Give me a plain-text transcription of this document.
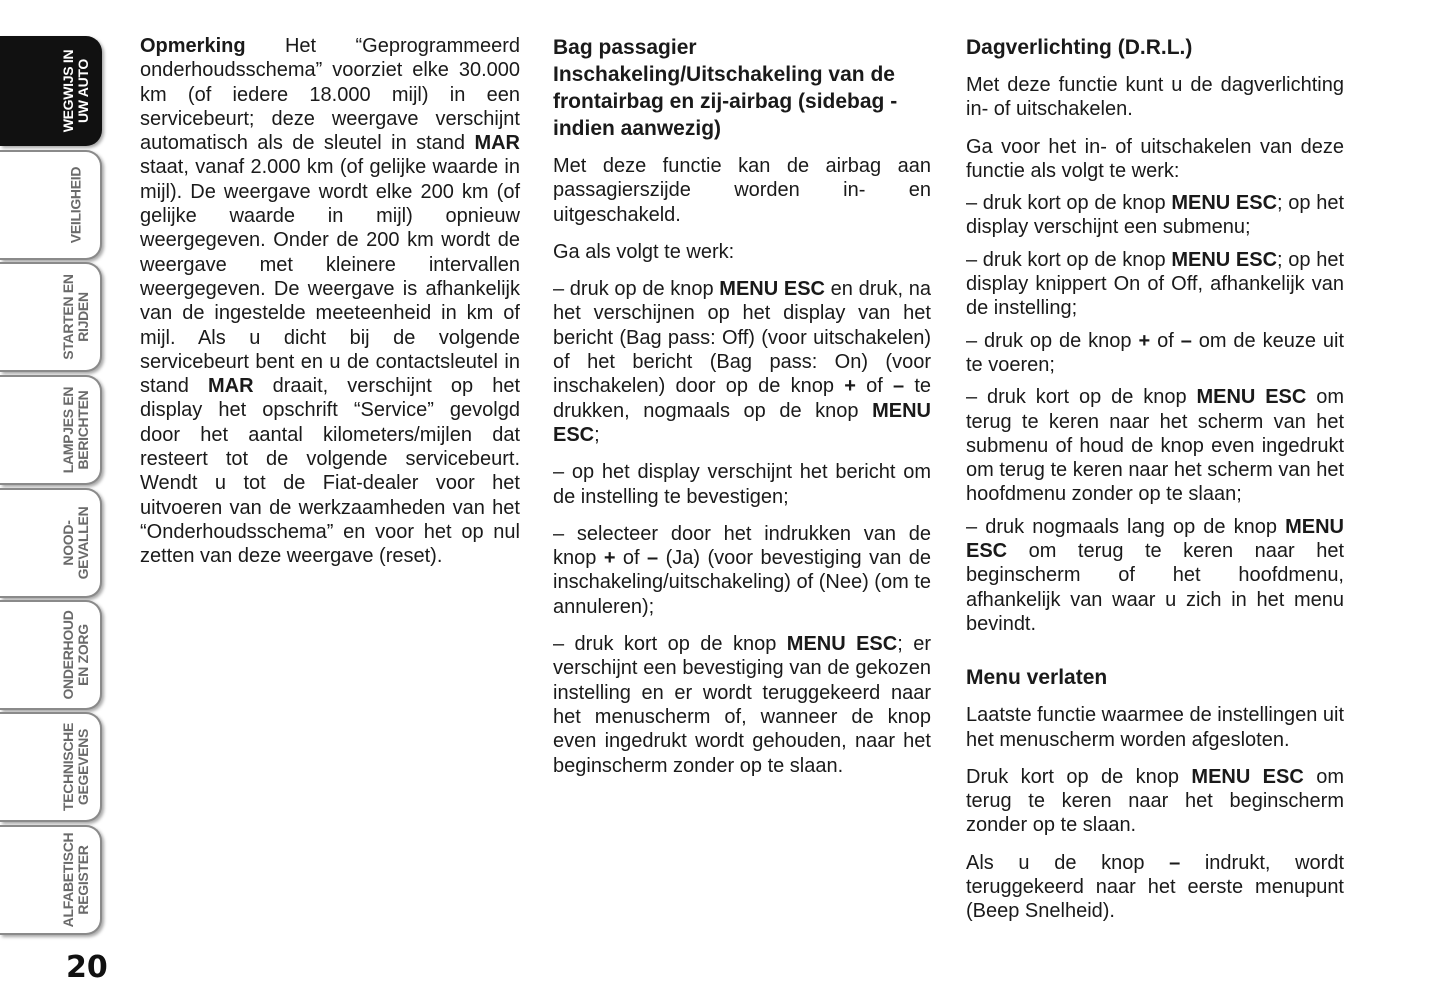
WEGWIJS IN UW AUTO
VEILIGHEID
STARTEN EN RIJDEN
LAMPJES EN BERICHTEN
NOOD- GEVALLEN
ONDERHOUD EN ZORG
TECHNISCHE GEGEVENS
ALFABETISCH REGISTER
20

Opmerking Het “Geprogrammeerd onderhoudsschema” voorziet elke 30.000 km (of iedere 18.000 mijl) in een servicebeurt; deze weergave verschijnt automatisch als de sleutel in stand MAR staat, vanaf 2.000 km (of gelijke waarde in mijl). De weergave wordt elke 200 km (of gelijke waarde in mijl) opnieuw weergegeven. Onder de 200 km wordt de weergave met kleinere intervallen weergegeven. De weergave is afhankelijk van de ingestelde meeteenheid in km of mijl. Als u dicht bij de volgende servicebeurt bent en u de contactsleutel in stand MAR draait, verschijnt op het display het opschrift “Service” gevolgd door het aantal kilometers/mijlen dat resteert tot de volgende servicebeurt. Wendt u tot de Fiat-dealer voor het uitvoeren van de werkzaamheden van het “Onderhoudsschema” en voor het op nul zetten van deze weergave (reset).

Bag passagier
Inschakeling/Uitschakeling van de frontairbag en zij-airbag (sidebag - indien aanwezig)

Met deze functie kan de airbag aan passagierszijde worden in- en uitgeschakeld.

Ga als volgt te werk:

– druk op de knop MENU ESC en druk, na het verschijnen op het display van het bericht (Bag pass: Off) (voor uitschakelen) of het bericht (Bag pass: On) (voor inschakelen) door op de knop + of – te drukken, nogmaals op de knop MENU ESC;

– op het display verschijnt het bericht om de instelling te bevestigen;

– selecteer door het indrukken van de knop + of – (Ja) (voor bevestiging van de inschakeling/uitschakeling) of (Nee) (om te annuleren);

– druk kort op de knop MENU ESC; er verschijnt een bevestiging van de gekozen instelling en er wordt teruggekeerd naar het menuscherm of, wanneer de knop even ingedrukt wordt gehouden, naar het beginscherm zonder op te slaan.

Dagverlichting (D.R.L.)

Met deze functie kunt u de dagverlichting in- of uitschakelen.

Ga voor het in- of uitschakelen van deze functie als volgt te werk:

– druk kort op de knop MENU ESC; op het display verschijnt een submenu;

– druk kort op de knop MENU ESC; op het display knippert On of Off, afhankelijk van de instelling;

– druk op de knop + of – om de keuze uit te voeren;

– druk kort op de knop MENU ESC om terug te keren naar het scherm van het submenu of houd de knop even ingedrukt om terug te keren naar het scherm van het hoofdmenu zonder op te slaan;

– druk nogmaals lang op de knop MENU ESC om terug te keren naar het beginscherm of het hoofdmenu, afhankelijk van waar u zich in het menu bevindt.

Menu verlaten

Laatste functie waarmee de instellingen uit het menuscherm worden afgesloten.

Druk kort op de knop MENU ESC om terug te keren naar het beginscherm zonder op te slaan.

Als u de knop – indrukt, wordt teruggekeerd naar het eerste menupunt (Beep Snelheid).
